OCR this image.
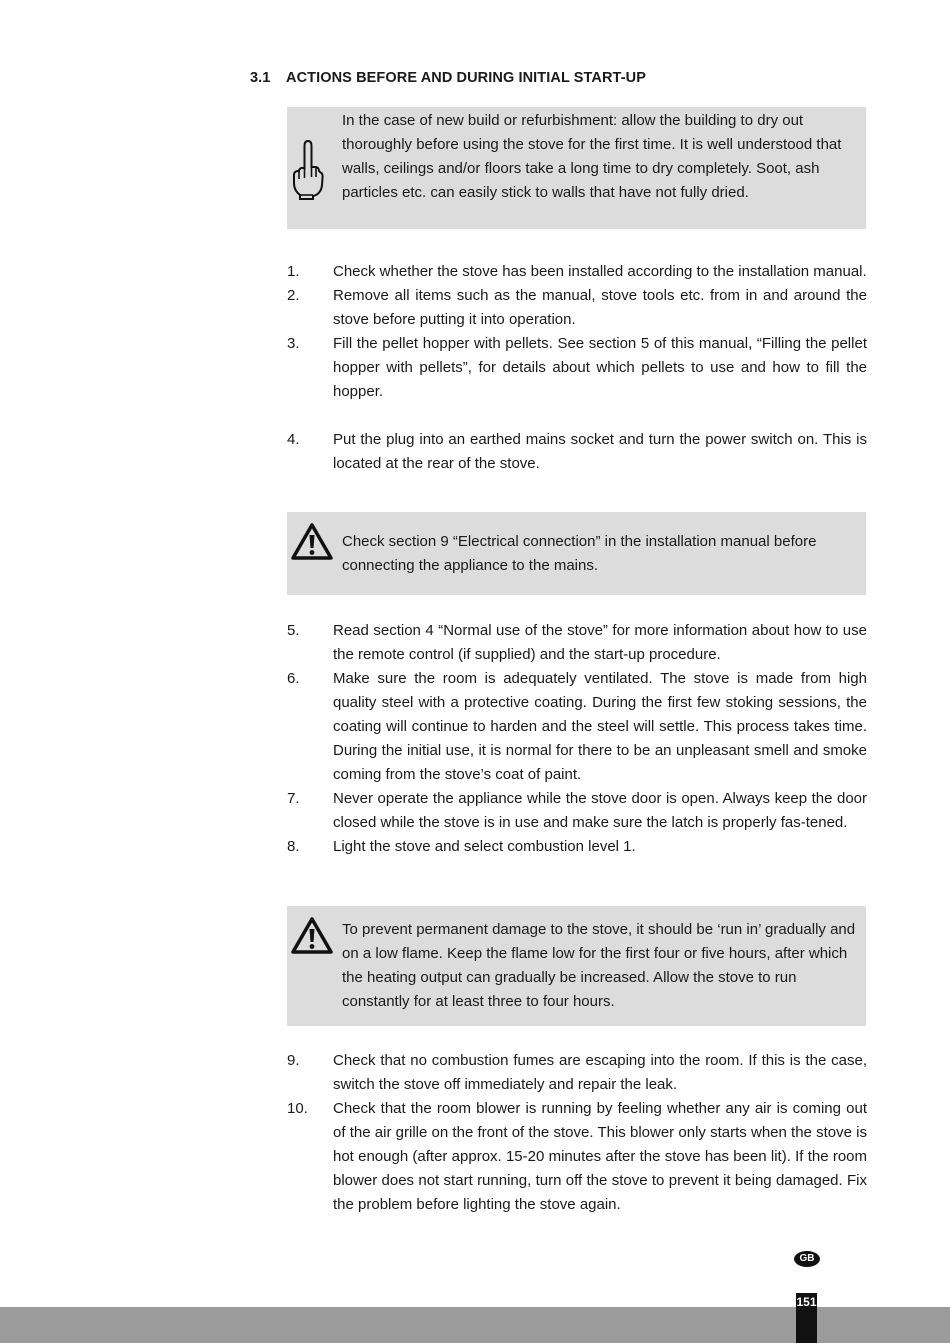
3.1 ACTIONS BEFORE AND DURING INITIAL START-UP
In the case of new build or refurbishment: allow the building to dry out thoroughly before using the stove for the first time. It is well understood that walls, ceilings and/or floors take a long time to dry completely. Soot, ash particles etc. can easily stick to walls that have not fully dried.
1. Check whether the stove has been installed according to the installation manual.
2. Remove all items such as the manual, stove tools etc. from in and around the stove before putting it into operation.
3. Fill the pellet hopper with pellets. See section 5 of this manual, “Filling the pellet hopper with pellets”, for details about which pellets to use and how to fill the hopper.
4. Put the plug into an earthed mains socket and turn the power switch on. This is located at the rear of the stove.
Check section 9 “Electrical connection” in the installation manual before connecting the appliance to the mains.
5. Read section 4 “Normal use of the stove” for more information about how to use the remote control (if supplied) and the start-up procedure.
6. Make sure the room is adequately ventilated. The stove is made from high quality steel with a protective coating. During the first few stoking sessions, the coating will continue to harden and the steel will settle. This process takes time. During the initial use, it is normal for there to be an unpleasant smell and smoke coming from the stove’s coat of paint.
7. Never operate the appliance while the stove door is open. Always keep the door closed while the stove is in use and make sure the latch is properly fas-tened.
8. Light the stove and select combustion level 1.
To prevent permanent damage to the stove, it should be ‘run in’ gradually and on a low flame. Keep the flame low for the first four or five hours, after which the heating output can gradually be increased. Allow the stove to run constantly for at least three to four hours.
9. Check that no combustion fumes are escaping into the room. If this is the case, switch the stove off immediately and repair the leak.
10. Check that the room blower is running by feeling whether any air is coming out of the air grille on the front of the stove. This blower only starts when the stove is hot enough (after approx. 15-20 minutes after the stove has been lit). If the room blower does not start running, turn off the stove to prevent it being damaged. Fix the problem before lighting the stove again.
GB
151
